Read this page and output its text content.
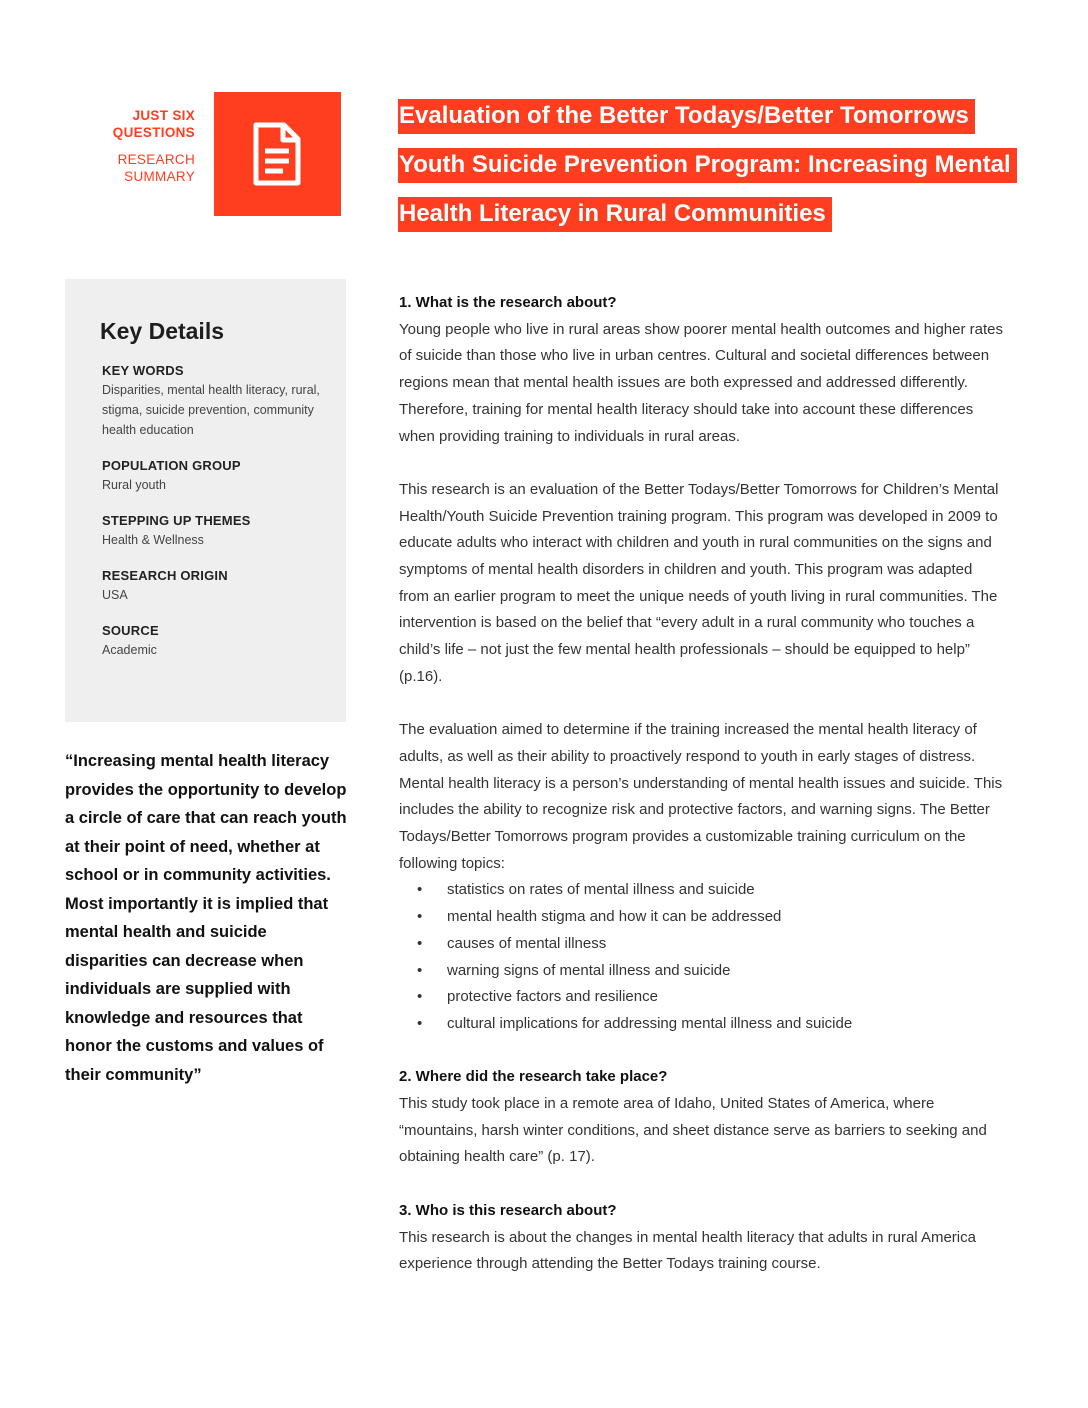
JUST SIX
QUESTIONS
RESEARCH
SUMMARY
Evaluation of the Better Todays/Better Tomorrows Youth Suicide Prevention Program: Increasing Mental Health Literacy in Rural Communities
Key Details
KEY WORDS
Disparities, mental health literacy, rural, stigma, suicide prevention, community health education
POPULATION GROUP
Rural youth
STEPPING UP THEMES
Health & Wellness
RESEARCH ORIGIN
USA
SOURCE
Academic

“Increasing mental health literacy provides the opportunity to develop a circle of care that can reach youth at their point of need, whether at school or in community activities. Most importantly it is implied that mental health and suicide disparities can decrease when individuals are supplied with knowledge and resources that honor the customs and values of their community”

1. What is the research about?

Young people who live in rural areas show poorer mental health outcomes and higher rates of suicide than those who live in urban centres. Cultural and societal differences between regions mean that mental health issues are both expressed and addressed differently. Therefore, training for mental health literacy should take into account these differences when providing training to individuals in rural areas.

This research is an evaluation of the Better Todays/Better Tomorrows for Children’s Mental Health/Youth Suicide Prevention training program. This program was developed in 2009 to educate adults who interact with children and youth in rural communities on the signs and symptoms of mental health disorders in children and youth. This program was adapted from an earlier program to meet the unique needs of youth living in rural communities. The intervention is based on the belief that “every adult in a rural community who touches a child’s life – not just the few mental health professionals – should be equipped to help” (p.16).

The evaluation aimed to determine if the training increased the mental health literacy of adults, as well as their ability to proactively respond to youth in early stages of distress. Mental health literacy is a person’s understanding of mental health issues and suicide. This includes the ability to recognize risk and protective factors, and warning signs. The Better Todays/Better Tomorrows program provides a customizable training curriculum on the following topics:

• statistics on rates of mental illness and suicide
• mental health stigma and how it can be addressed
• causes of mental illness
• warning signs of mental illness and suicide
• protective factors and resilience
• cultural implications for addressing mental illness and suicide
2. Where did the research take place?

This study took place in a remote area of Idaho, United States of America, where “mountains, harsh winter conditions, and sheet distance serve as barriers to seeking and obtaining health care” (p. 17).

3. Who is this research about?

This research is about the changes in mental health literacy that adults in rural America experience through attending the Better Todays training course.
